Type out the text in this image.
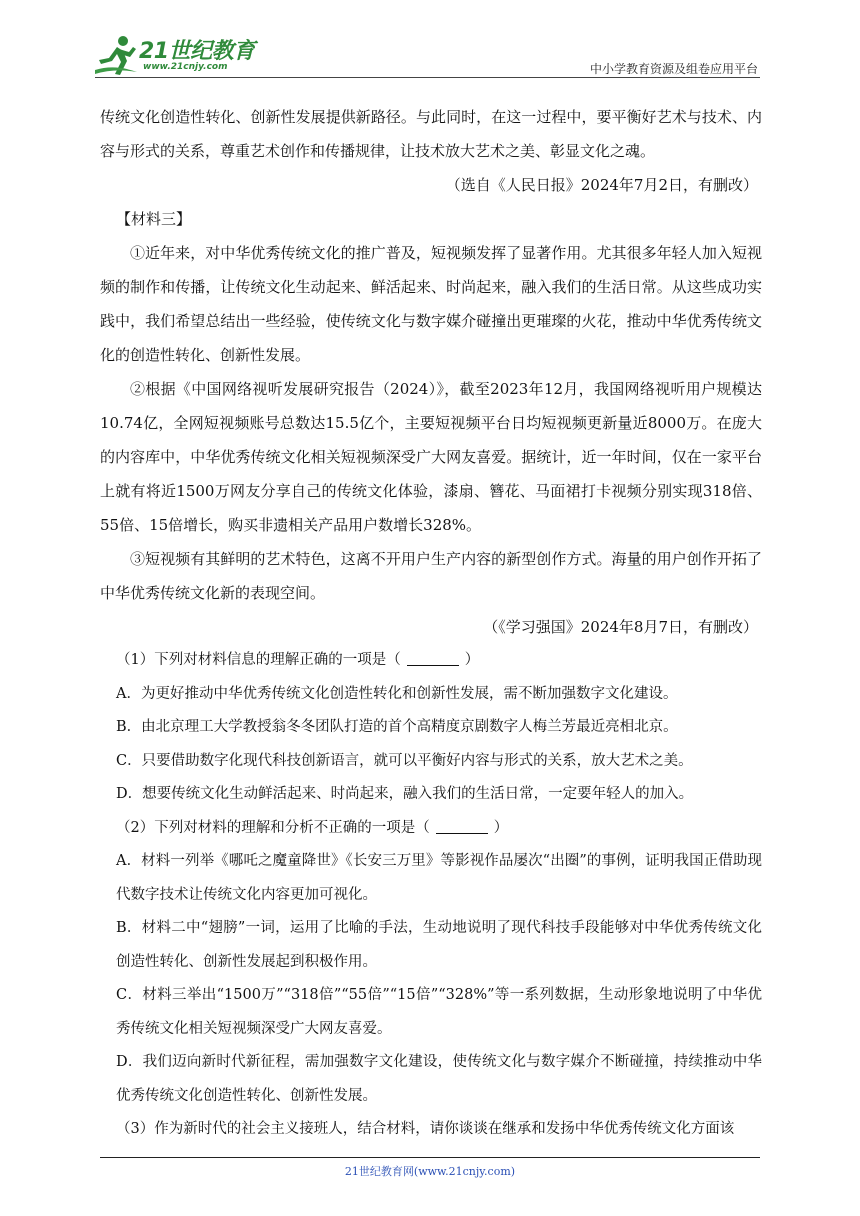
21世纪教育
www.21cnjy.com	中小学教育资源及组卷应用平台

传统文化创造性转化、创新性发展提供新路径。与此同时，在这一过程中，要平衡好艺术与技术、内容与形式的关系，尊重艺术创作和传播规律，让技术放大艺术之美、彰显文化之魂。

（选自《人民日报》2024年7月2日，有删改）

【材料三】

①近年来，对中华优秀传统文化的推广普及，短视频发挥了显著作用。尤其很多年轻人加入短视频的制作和传播，让传统文化生动起来、鲜活起来、时尚起来，融入我们的生活日常。从这些成功实践中，我们希望总结出一些经验，使传统文化与数字媒介碰撞出更璀璨的火花，推动中华优秀传统文化的创造性转化、创新性发展。

②根据《中国网络视听发展研究报告（2024）》，截至2023年12月，我国网络视听用户规模达10.74亿，全网短视频账号总数达15.5亿个，主要短视频平台日均短视频更新量近8000万。在庞大的内容库中，中华优秀传统文化相关短视频深受广大网友喜爱。据统计，近一年时间，仅在一家平台上就有将近1500万网友分享自己的传统文化体验，漆扇、簪花、马面裙打卡视频分别实现318倍、55倍、15倍增长，购买非遗相关产品用户数增长328%。

③短视频有其鲜明的艺术特色，这离不开用户生产内容的新型创作方式。海量的用户创作开拓了中华优秀传统文化新的表现空间。

（《学习强国》2024年8月7日，有删改）

（1）下列对材料信息的理解正确的一项是（	）

A．为更好推动中华优秀传统文化创造性转化和创新性发展，需不断加强数字文化建设。

B．由北京理工大学教授翁冬冬团队打造的首个高精度京剧数字人梅兰芳最近亮相北京。

C．只要借助数字化现代科技创新语言，就可以平衡好内容与形式的关系，放大艺术之美。

D．想要传统文化生动鲜活起来、时尚起来，融入我们的生活日常，一定要年轻人的加入。

（2）下列对材料的理解和分析不正确的一项是（	）

A．材料一列举《哪吒之魔童降世》《长安三万里》等影视作品屡次“出圈”的事例，证明我国正借助现代数字技术让传统文化内容更加可视化。

B．材料二中“翅膀”一词，运用了比喻的手法，生动地说明了现代科技手段能够对中华优秀传统文化创造性转化、创新性发展起到积极作用。

C．材料三举出“1500万”“318倍”“55倍”“15倍”“328%”等一系列数据，生动形象地说明了中华优秀传统文化相关短视频深受广大网友喜爱。

D．我们迈向新时代新征程，需加强数字文化建设，使传统文化与数字媒介不断碰撞，持续推动中华优秀传统文化创造性转化、创新性发展。

（3）作为新时代的社会主义接班人，结合材料，请你谈谈在继承和发扬中华优秀传统文化方面该

21世纪教育网(www.21cnjy.com)
